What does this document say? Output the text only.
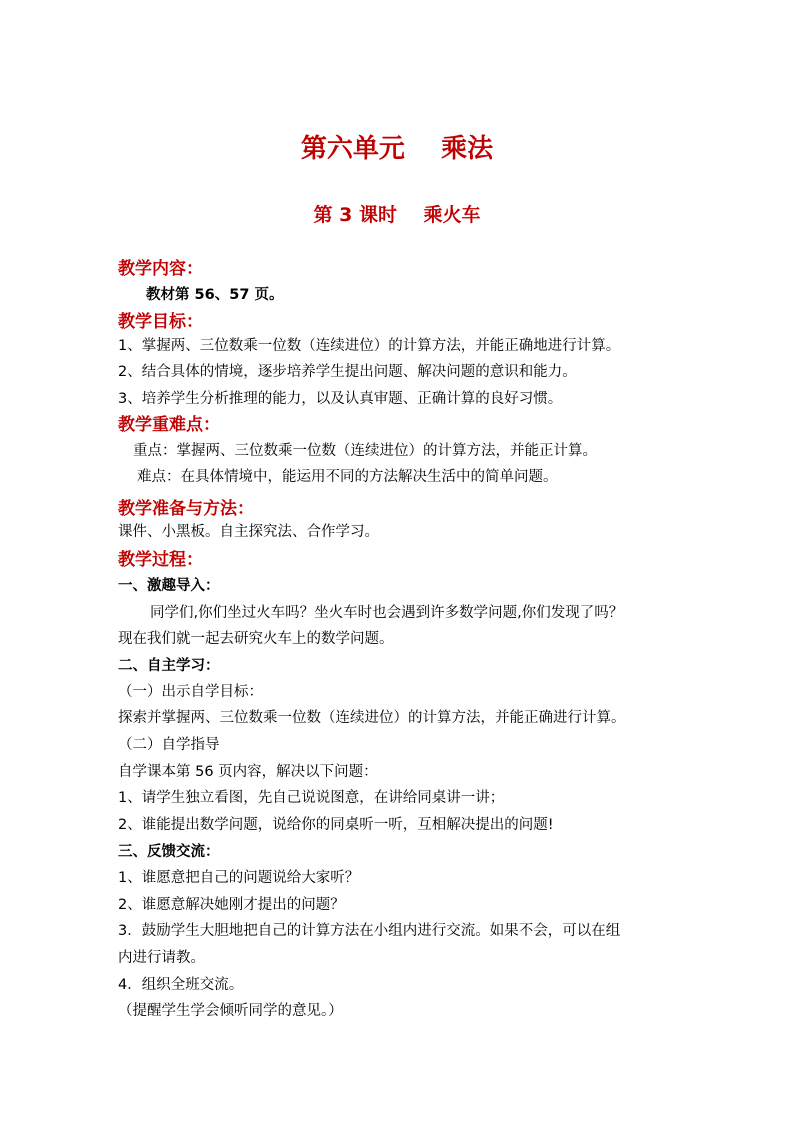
第六单元    乘法
第 3 课时    乘火车
教学内容：
教材第 56、57 页。
教学目标：
1、掌握两、三位数乘一位数（连续进位）的计算方法，并能正确地进行计算。
2、结合具体的情境，逐步培养学生提出问题、解决问题的意识和能力。
3、培养学生分析推理的能力，以及认真审题、正确计算的良好习惯。
教学重难点：
重点：掌握两、三位数乘一位数（连续进位）的计算方法，并能正计算。
难点：在具体情境中，能运用不同的方法解决生活中的简单问题。
教学准备与方法：
课件、小黑板。自主探究法、合作学习。
教学过程：
一、激趣导入：
同学们,你们坐过火车吗？坐火车时也会遇到许多数学问题,你们发现了吗？
现在我们就一起去研究火车上的数学问题。
二、自主学习：
（一）出示自学目标：
探索并掌握两、三位数乘一位数（连续进位）的计算方法，并能正确进行计算。
（二）自学指导
自学课本第 56 页内容，解决以下问题：
1、请学生独立看图，先自己说说图意，在讲给同桌讲一讲；
2、谁能提出数学问题，说给你的同桌听一听，互相解决提出的问题!
三、反馈交流：
1、谁愿意把自己的问题说给大家听？
2、谁愿意解决她刚才提出的问题？
3．鼓励学生大胆地把自己的计算方法在小组内进行交流。如果不会，可以在组
内进行请教。
4．组织全班交流。
（提醒学生学会倾听同学的意见。）
